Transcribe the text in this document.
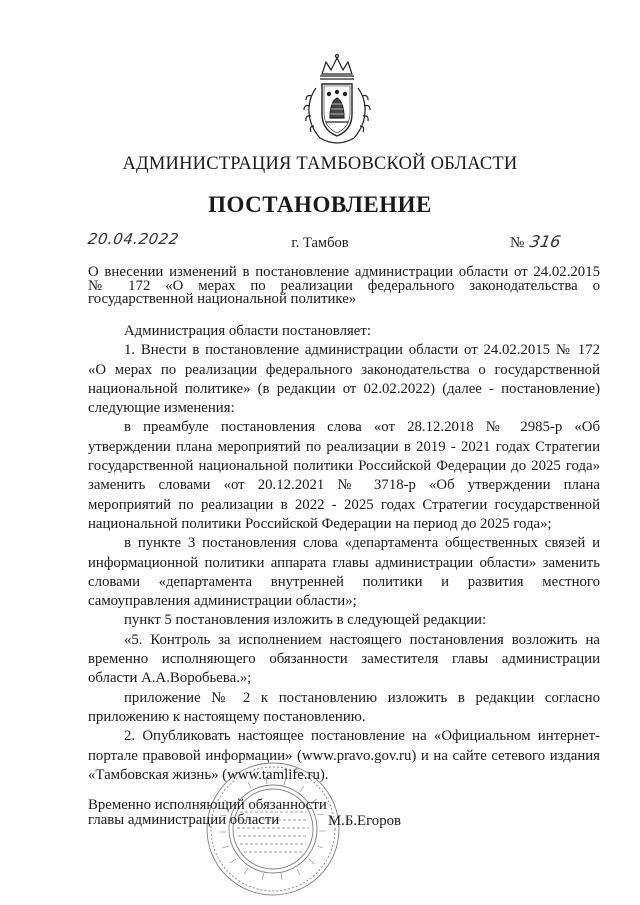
АДМИНИСТРАЦИЯ ТАМБОВСКОЙ ОБЛАСТИ
ПОСТАНОВЛЕНИЕ
20.04.2022	г. Тамбов	№ 316
О внесении изменений в постановление администрации области от 24.02.2015 № 172 «О мерах по реализации федерального законодательства о государственной национальной политике»

Администрация области постановляет:

1. Внести в постановление администрации области от 24.02.2015 № 172 «О мерах по реализации федерального законодательства о государственной национальной политике» (в редакции от 02.02.2022) (далее - постановление) следующие изменения:

в преамбуле постановления слова «от 28.12.2018 № 2985-р «Об утверждении плана мероприятий по реализации в 2019 - 2021 годах Стратегии государственной национальной политики Российской Федерации до 2025 года» заменить словами «от 20.12.2021 № 3718-р «Об утверждении плана мероприятий по реализации в 2022 - 2025 годах Стратегии государственной национальной политики Российской Федерации на период до 2025 года»;

в пункте 3 постановления слова «департамента общественных связей и информационной политики аппарата главы администрации области» заменить словами «департамента внутренней политики и развития местного самоуправления администрации области»;

пункт 5 постановления изложить в следующей редакции:

«5. Контроль за исполнением настоящего постановления возложить на временно исполняющего обязанности заместителя главы администрации области А.А.Воробьева.»;

приложение № 2 к постановлению изложить в редакции согласно приложению к настоящему постановлению.

2. Опубликовать настоящее постановление на «Официальном интернет-портале правовой информации» (www.pravo.gov.ru) и на сайте сетевого издания «Тамбовская жизнь» (www.tamlife.ru).

Временно исполняющий обязанности
главы администрации области	М.Б.Егоров
